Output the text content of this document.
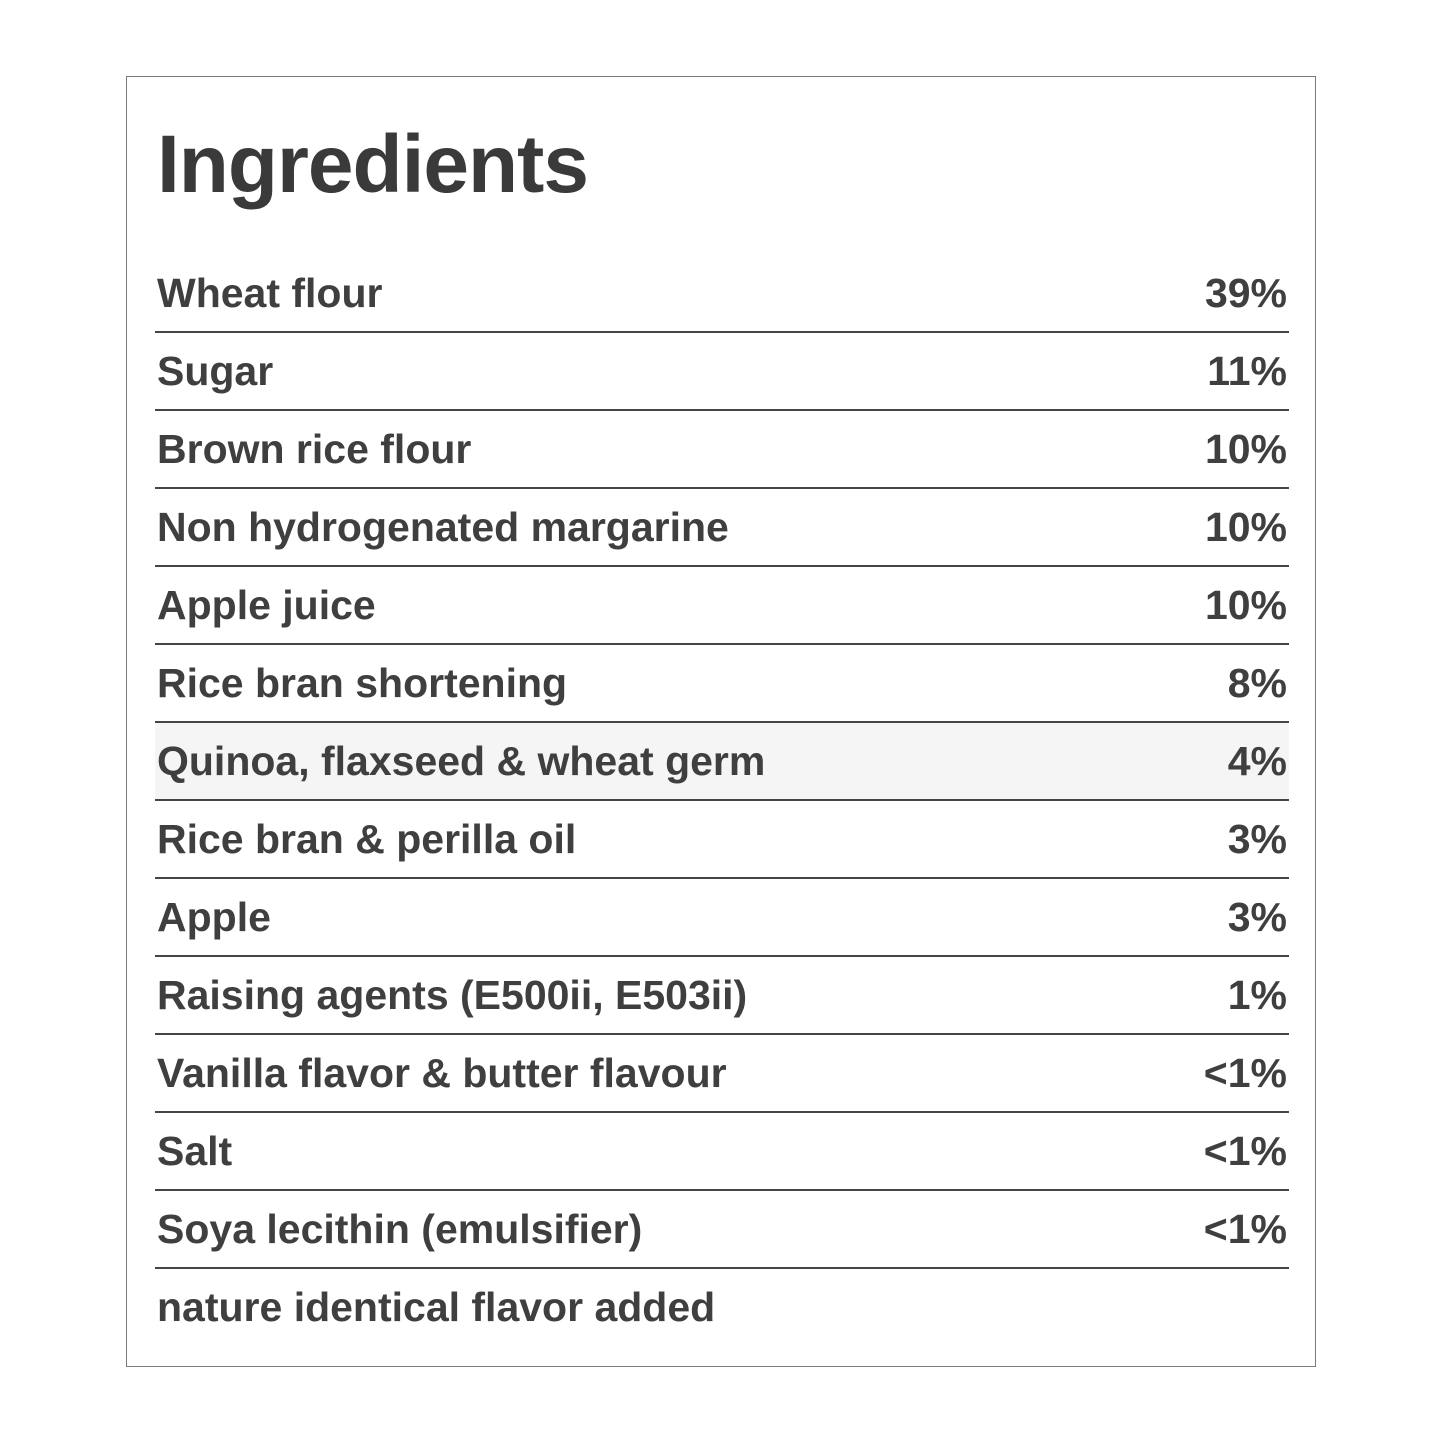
Ingredients
Wheat flour	39%
Sugar	11%
Brown rice flour	10%
Non hydrogenated margarine	10%
Apple juice	10%
Rice bran shortening	8%
Quinoa, flaxseed & wheat germ	4%
Rice bran & perilla oil	3%
Apple	3%
Raising agents (E500ii, E503ii)	1%
Vanilla flavor & butter flavour	<1%
Salt	<1%
Soya lecithin (emulsifier)	<1%
nature identical flavor added
